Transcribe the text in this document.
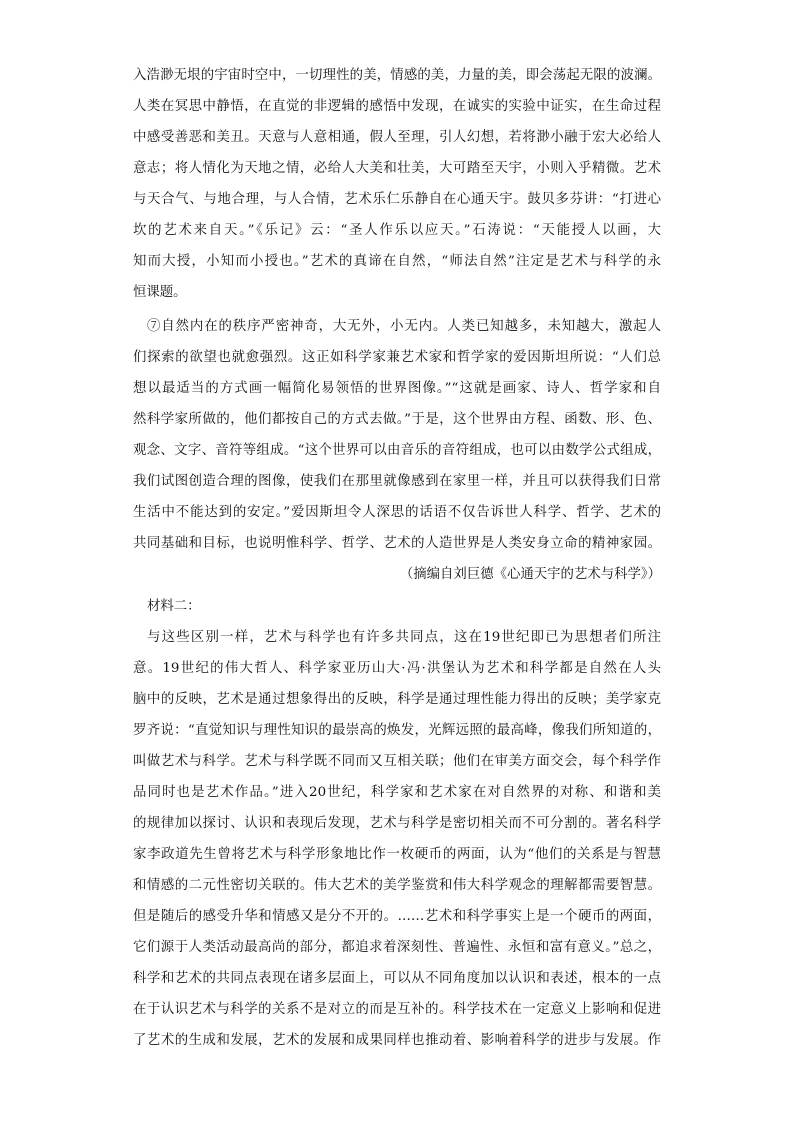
入浩渺无垠的宇宙时空中，一切理性的美，情感的美，力量的美，即会荡起无限的波澜。
人类在冥思中静悟，在直觉的非逻辑的感悟中发现，在诚实的实验中证实，在生命过程
中感受善恶和美丑。天意与人意相通，假人至理，引人幻想，若将渺小融于宏大必给人
意志；将人情化为天地之情，必给人大美和壮美，大可踏至天宇，小则入乎精微。艺术
与天合气、与地合理，与人合情，艺术乐仁乐静自在心通天宇。鼓贝多芬讲：“打进心
坎的艺术来自天。”《乐记》云：“圣人作乐以应天。”石涛说：“天能授人以画，大
知而大授，小知而小授也。”艺术的真谛在自然，“师法自然”注定是艺术与科学的永
恒课题。
⑦自然内在的秩序严密神奇，大无外，小无内。人类已知越多，未知越大，激起人
们探索的欲望也就愈强烈。这正如科学家兼艺术家和哲学家的爱因斯坦所说：“人们总
想以最适当的方式画一幅简化易领悟的世界图像。”“这就是画家、诗人、哲学家和自
然科学家所做的，他们都按自己的方式去做。”于是，这个世界由方程、函数、形、色、
观念、文字、音符等组成。“这个世界可以由音乐的音符组成，也可以由数学公式组成，
我们试图创造合理的图像，使我们在那里就像感到在家里一样，并且可以获得我们日常
生活中不能达到的安定。”爱因斯坦令人深思的话语不仅告诉世人科学、哲学、艺术的
共同基础和目标，也说明惟科学、哲学、艺术的人造世界是人类安身立命的精神家园。
（摘编自刘巨德《心通天宇的艺术与科学》）
材料二：
与这些区别一样，艺术与科学也有许多共同点，这在19世纪即已为思想者们所注
意。19世纪的伟大哲人、科学家亚历山大·冯·洪堡认为艺术和科学都是自然在人头
脑中的反映，艺术是通过想象得出的反映，科学是通过理性能力得出的反映；美学家克
罗齐说：“直觉知识与理性知识的最崇高的焕发，光辉远照的最高峰，像我们所知道的，
叫做艺术与科学。艺术与科学既不同而又互相关联；他们在审美方面交会，每个科学作
品同时也是艺术作品。”进入20世纪，科学家和艺术家在对自然界的对称、和谐和美
的规律加以探讨、认识和表现后发现，艺术与科学是密切相关而不可分割的。著名科学
家李政道先生曾将艺术与科学形象地比作一枚硬币的两面，认为“他们的关系是与智慧
和情感的二元性密切关联的。伟大艺术的美学鉴赏和伟大科学观念的理解都需要智慧。
但是随后的感受升华和情感又是分不开的。……艺术和科学事实上是一个硬币的两面，
它们源于人类活动最高尚的部分，都追求着深刻性、普遍性、永恒和富有意义。”总之，
科学和艺术的共同点表现在诸多层面上，可以从不同角度加以认识和表述，根本的一点
在于认识艺术与科学的关系不是对立的而是互补的。科学技术在一定意义上影响和促进
了艺术的生成和发展，艺术的发展和成果同样也推动着、影响着科学的进步与发展。作
